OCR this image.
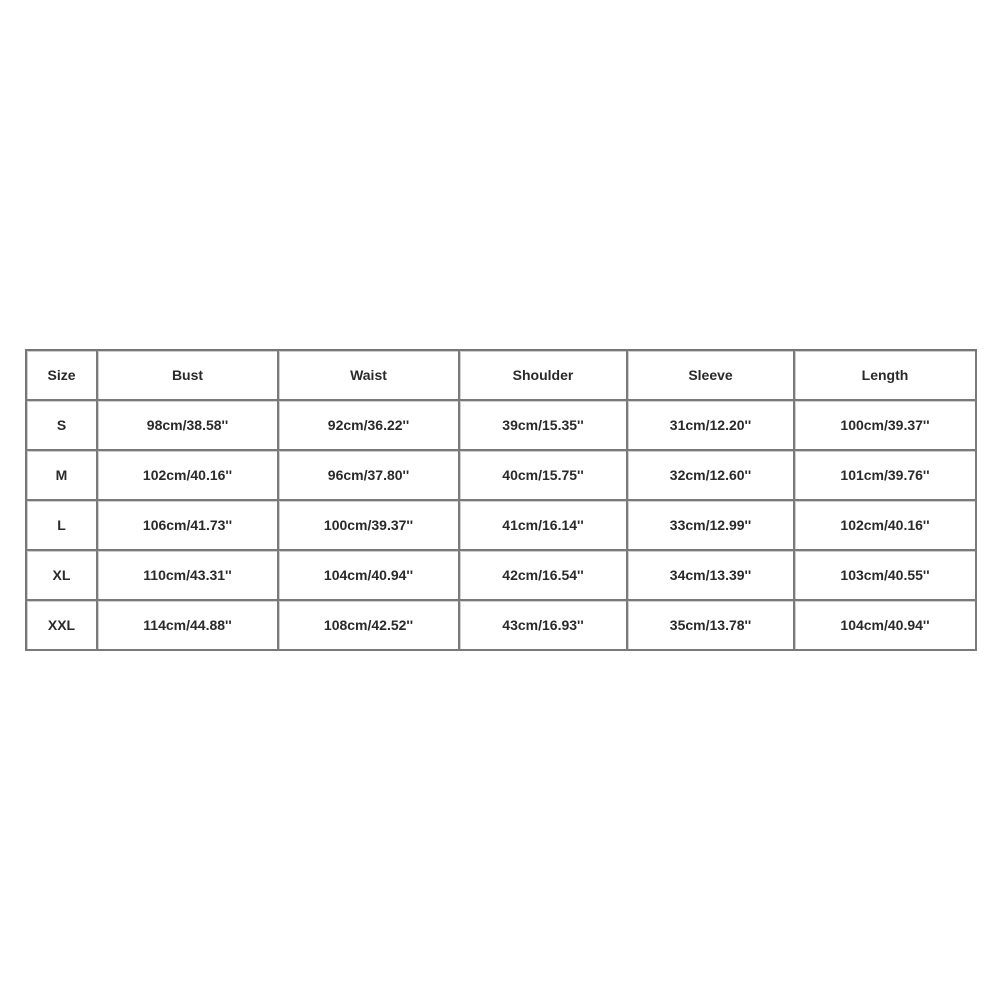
Size	Bust	Waist	Shoulder	Sleeve	Length
S	98cm/38.58''	92cm/36.22''	39cm/15.35''	31cm/12.20''	100cm/39.37''
M	102cm/40.16''	96cm/37.80''	40cm/15.75''	32cm/12.60''	101cm/39.76''
L	106cm/41.73''	100cm/39.37''	41cm/16.14''	33cm/12.99''	102cm/40.16''
XL	110cm/43.31''	104cm/40.94''	42cm/16.54''	34cm/13.39''	103cm/40.55''
XXL	114cm/44.88''	108cm/42.52''	43cm/16.93''	35cm/13.78''	104cm/40.94''
